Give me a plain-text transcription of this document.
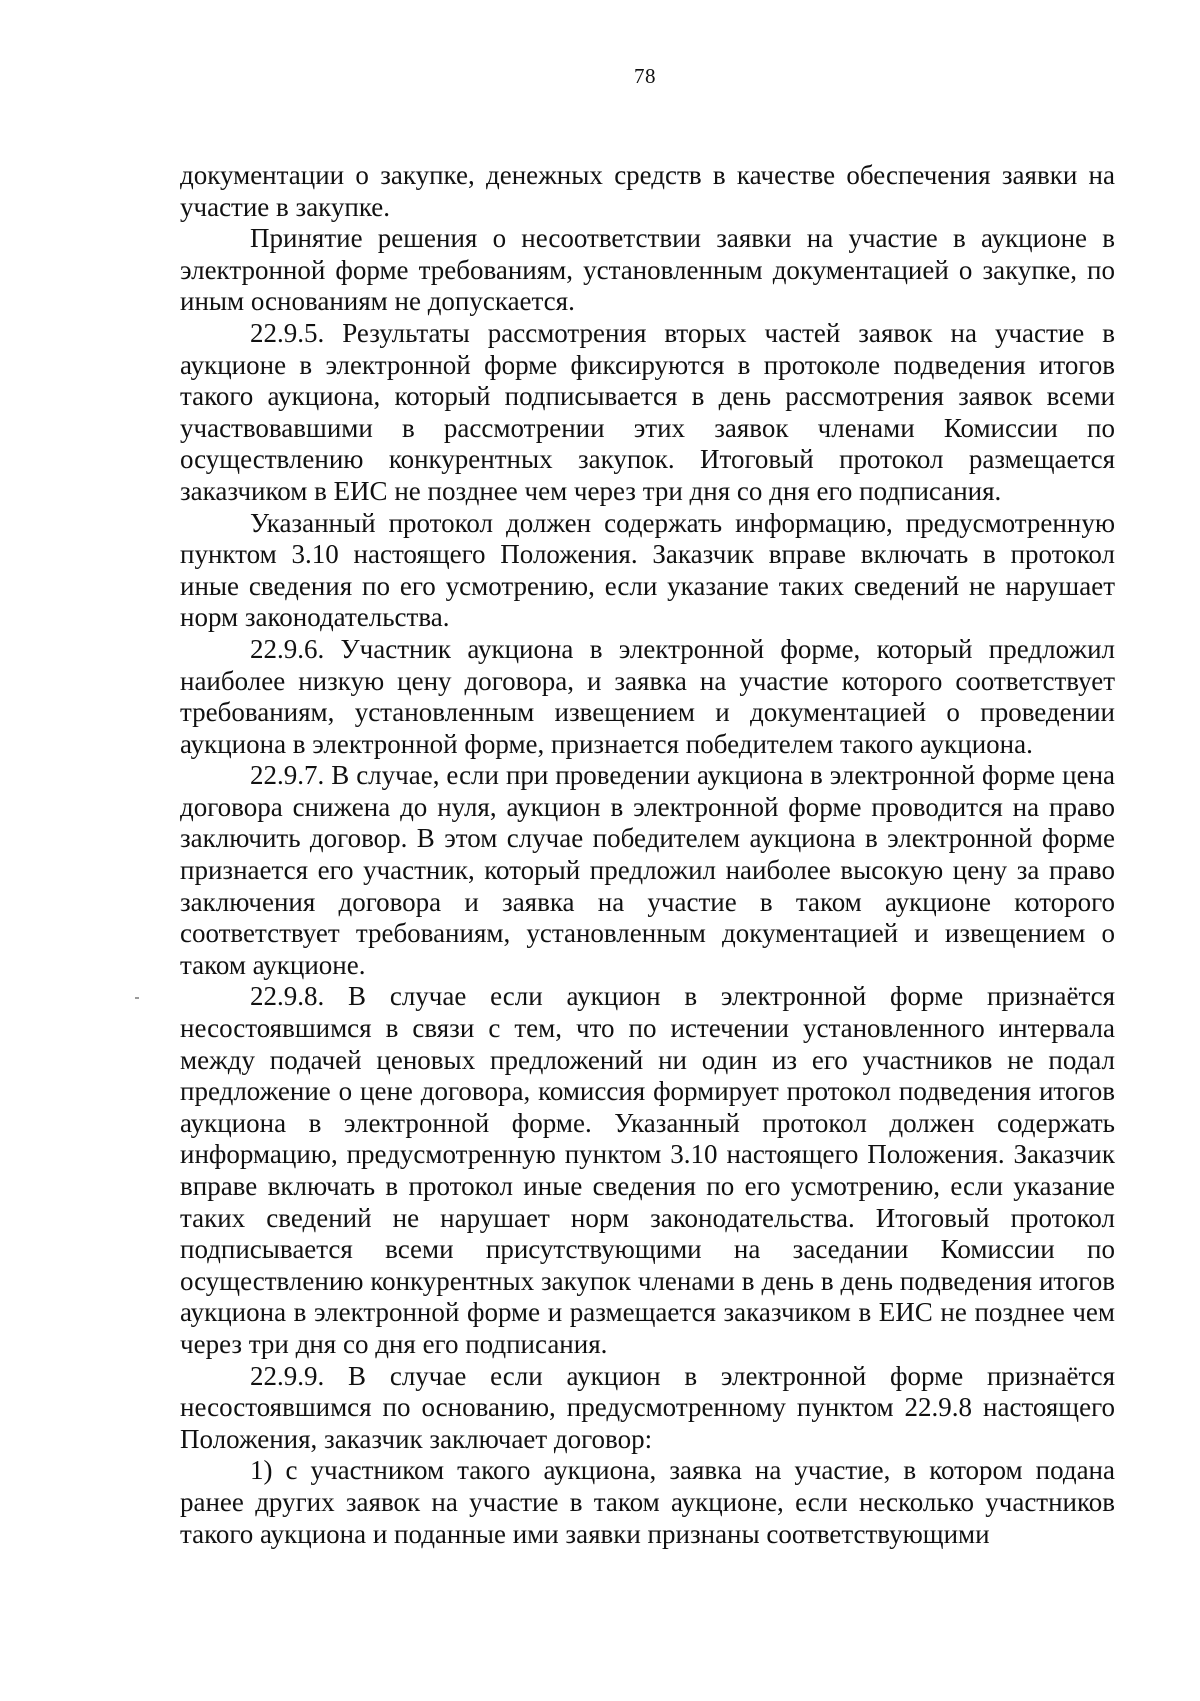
78

документации о закупке, денежных средств в качестве обеспечения заявки на участие в закупке.

Принятие решения о несоответствии заявки на участие в аукционе в электронной форме требованиям, установленным документацией о закупке, по иным основаниям не допускается.

22.9.5. Результаты рассмотрения вторых частей заявок на участие в аукционе в электронной форме фиксируются в протоколе подведения итогов такого аукциона, который подписывается в день рассмотрения заявок всеми участвовавшими в рассмотрении этих заявок членами Комиссии по осуществлению конкурентных закупок. Итоговый протокол размещается заказчиком в ЕИС не позднее чем через три дня со дня его подписания.

Указанный протокол должен содержать информацию, предусмотренную пунктом 3.10 настоящего Положения. Заказчик вправе включать в протокол иные сведения по его усмотрению, если указание таких сведений не нарушает норм законодательства.

22.9.6. Участник аукциона в электронной форме, который предложил наиболее низкую цену договора, и заявка на участие которого соответствует требованиям, установленным извещением и документацией о проведении аукциона в электронной форме, признается победителем такого аукциона.

22.9.7. В случае, если при проведении аукциона в электронной форме цена договора снижена до нуля, аукцион в электронной форме проводится на право заключить договор. В этом случае победителем аукциона в электронной форме признается его участник, который предложил наиболее высокую цену за право заключения договора и заявка на участие в таком аукционе которого соответствует требованиям, установленным документацией и извещением о таком аукционе.

22.9.8. В случае если аукцион в электронной форме признаётся несостоявшимся в связи с тем, что по истечении установленного интервала между подачей ценовых предложений ни один из его участников не подал предложение о цене договора, комиссия формирует протокол подведения итогов аукциона в электронной форме. Указанный протокол должен содержать информацию, предусмотренную пунктом 3.10 настоящего Положения. Заказчик вправе включать в протокол иные сведения по его усмотрению, если указание таких сведений не нарушает норм законодательства. Итоговый протокол подписывается всеми присутствующими на заседании Комиссии по осуществлению конкурентных закупок членами в день в день подведения итогов аукциона в электронной форме и размещается заказчиком в ЕИС не позднее чем через три дня со дня его подписания.

22.9.9. В случае если аукцион в электронной форме признаётся несостоявшимся по основанию, предусмотренному пунктом 22.9.8 настоящего Положения, заказчик заключает договор:

1) с участником такого аукциона, заявка на участие, в котором подана ранее других заявок на участие в таком аукционе, если несколько участников такого аукциона и поданные ими заявки признаны соответствующими
